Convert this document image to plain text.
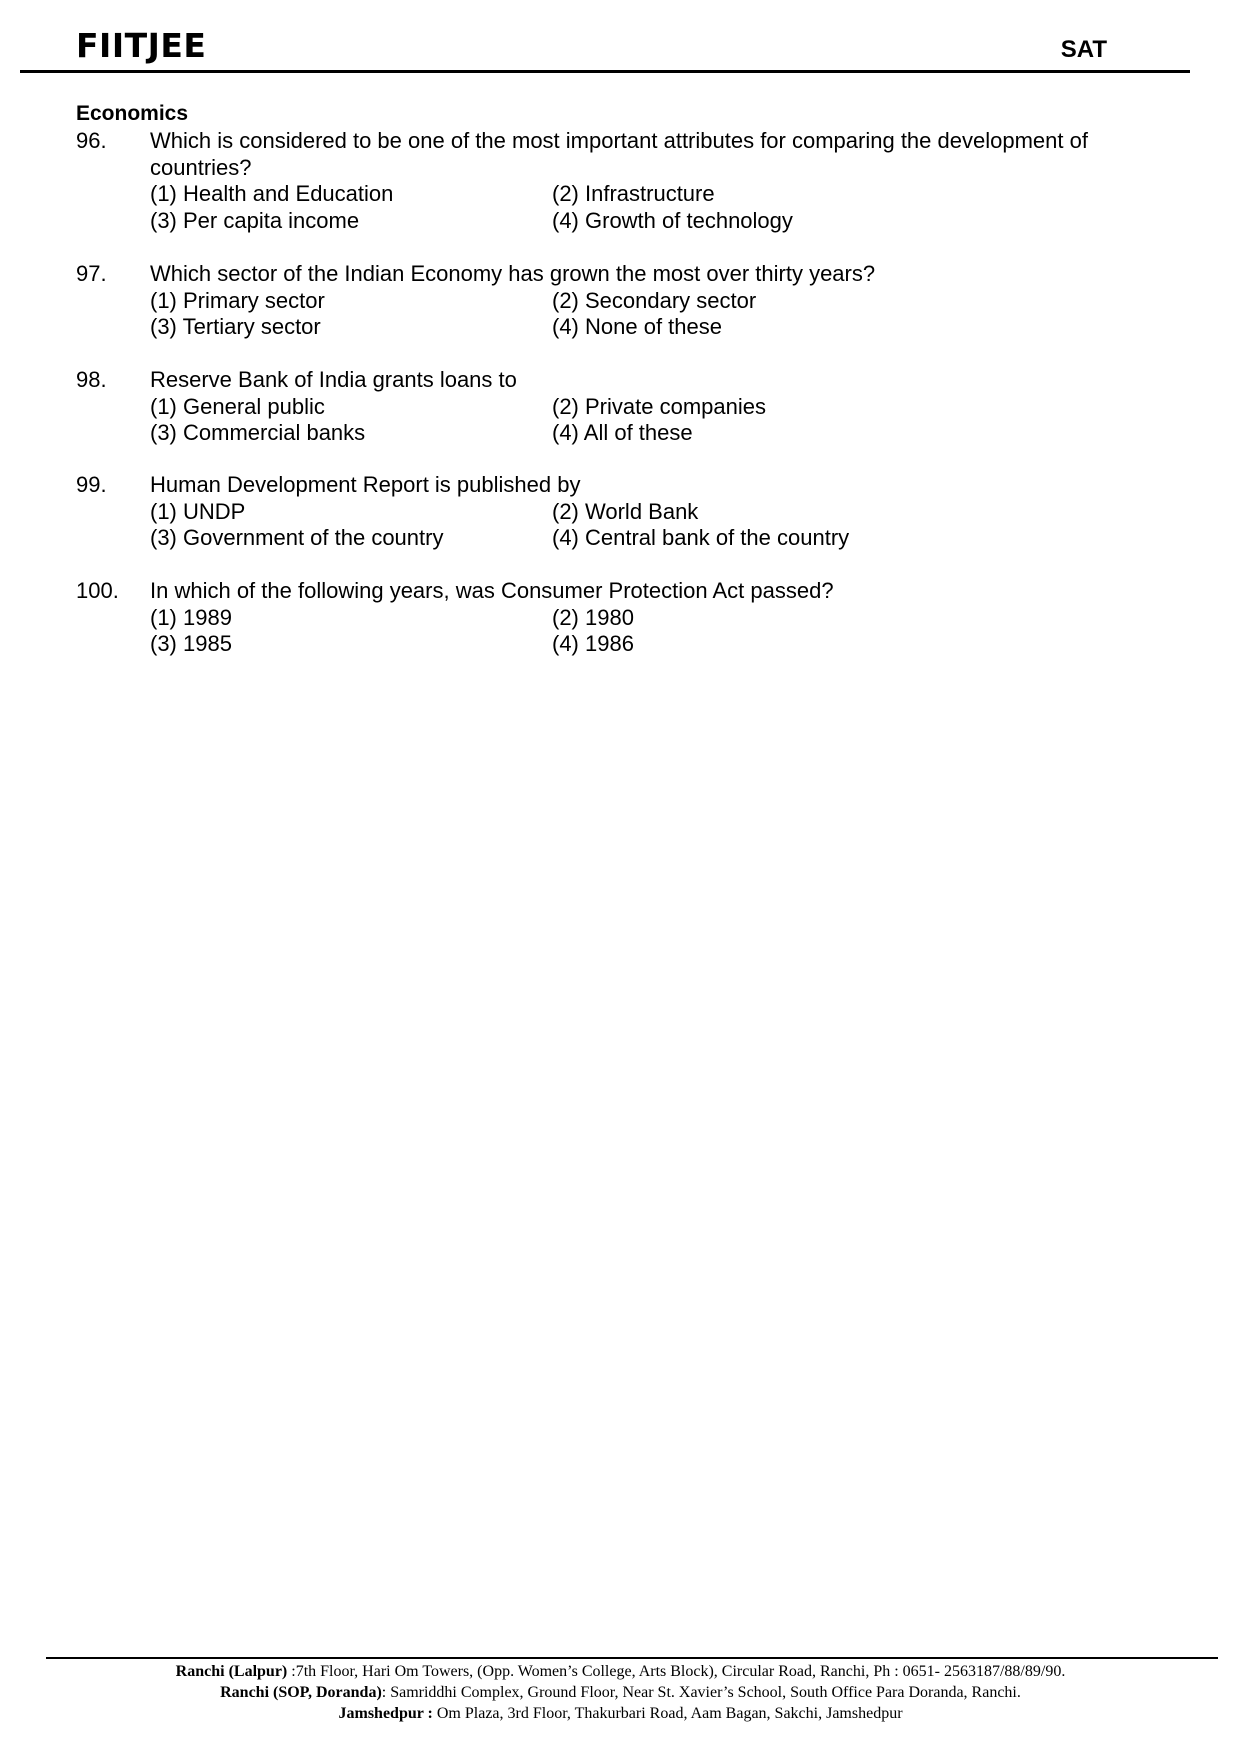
FIITJEE	SAT
Economics
96. Which is considered to be one of the most important attributes for comparing the development of countries?
(1) Health and Education	(2) Infrastructure
(3) Per capita income	(4) Growth of technology
97. Which sector of the Indian Economy has grown the most over thirty years?
(1) Primary sector	(2) Secondary sector
(3) Tertiary sector	(4) None of these
98. Reserve Bank of India grants loans to
(1) General public	(2) Private companies
(3) Commercial banks	(4) All of these
99. Human Development Report is published by
(1) UNDP	(2) World Bank
(3) Government of the country	(4) Central bank of the country
100. In which of the following years, was Consumer Protection Act passed?
(1) 1989	(2) 1980
(3) 1985	(4) 1986
Ranchi (Lalpur) :7th Floor, Hari Om Towers, (Opp. Women’s College, Arts Block), Circular Road, Ranchi, Ph : 0651- 2563187/88/89/90.
Ranchi (SOP, Doranda): Samriddhi Complex, Ground Floor, Near St. Xavier’s School, South Office Para Doranda, Ranchi.
Jamshedpur : Om Plaza, 3rd Floor, Thakurbari Road, Aam Bagan, Sakchi, Jamshedpur
